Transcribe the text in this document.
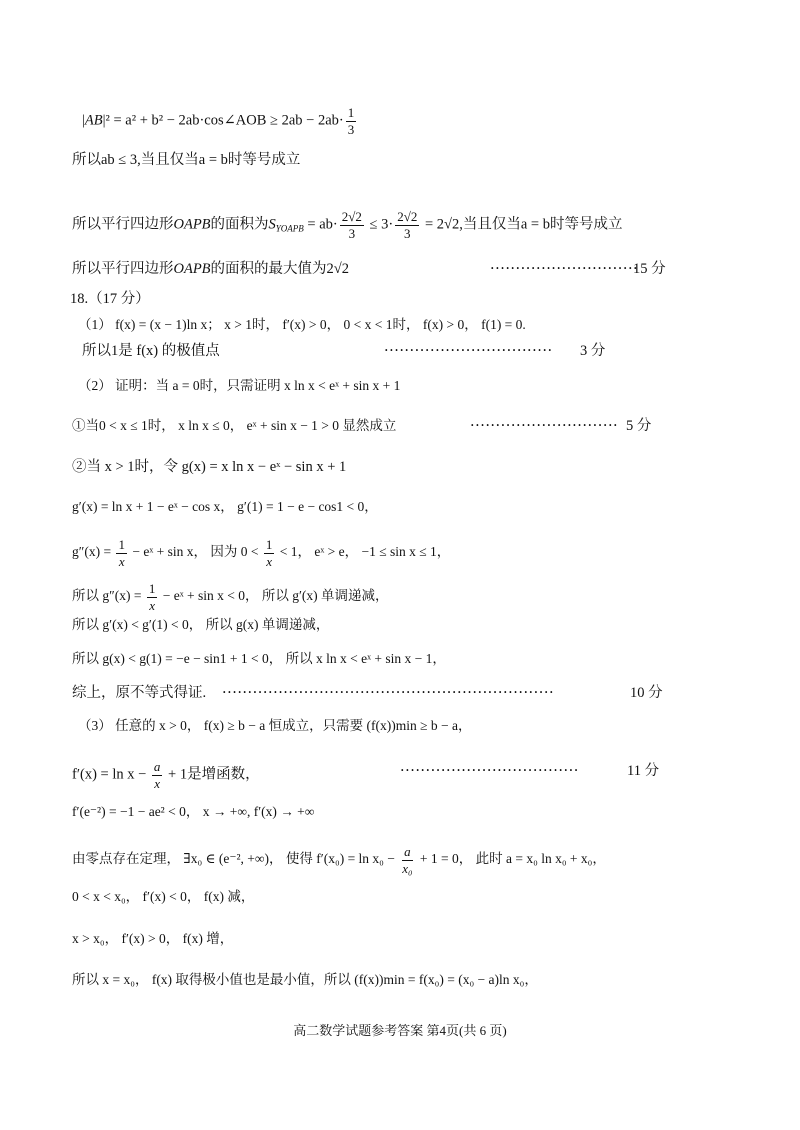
|AB|² = a² + b² − 2ab·cos∠AOB ≥ $2ab - 2ab\cdot \frac{1}{3}$
所以ab ≤ 3,当且仅当a = b时等号成立
所以平行四边形OAPB的面积为$S_{YOAPB} = ab\cdot \frac{2√2}{3} \le 3\cdot \frac{2√2}{3} = 2√2$,当且仅当a = b时等号成立
所以平行四边形OAPB的面积的最大值为2√2	·····························
15 分
18.（17 分）
（1） f(x) = (x − 1)ln x； x > 1时， f′(x) > 0， 0 < x < 1时， f(x) > 0， f(1) = 0.
所以1是 f(x) 的极值点	································· 3 分
（2） 证明：当 a = 0时，只需证明 x ln x < eˣ + sin x + 1
①当0 < x ≤ 1时， x ln x ≤ 0， eˣ + sin x − 1 > 0 显然成立	····························· 5 分
②当 x > 1时，令 g(x) = x ln x − eˣ − sin x + 1
g′(x) = ln x + 1 − eˣ − cos x， g′(1) = 1 − e − cos1 < 0，
$g''(x) = \frac{1}{x}$ − eˣ + sin x， 因为 $0 < \frac{1}{x} < 1$， eˣ > e， −1 ≤ sin x ≤ 1，
所以 $g''(x) = \frac{1}{x}$ − eˣ + sin x < 0， 所以 g′(x) 单调递减，
所以 g′(x) < g′(1) < 0， 所以 g(x) 单调递减，
所以 g(x) < g(1) = −e − sin1 + 1 < 0， 所以 x ln x < eˣ + sin x − 1，
综上，原不等式得证.	·································································	10 分
（3） 任意的 x > 0， f(x) ≥ b − a 恒成立，只需要 (f(x))min ≥ b − a，
$f'(x) = \ln x - \frac{a}{x} + 1$是增函数，	···································	11 分
f′(e⁻²) = −1 − ae² < 0， x → +∞, f′(x) → +∞
由零点存在定理， ∃x₀ ∈ (e⁻², +∞)， 使得 $f'(x_0) = \ln x_0 - \frac{a}{\text{x₀}} + 1 = 0$， 此时 a = x₀ ln x₀ + x₀，
0 < x < x₀， f′(x) < 0， f(x) 减，
x > x₀， f′(x) > 0， f(x) 增，
所以 x = x₀， f(x) 取得极小值也是最小值，所以 (f(x))min = f(x₀) = (x₀ − a)ln x₀，
高二数学试题参考答案 第4页(共 6 页)
